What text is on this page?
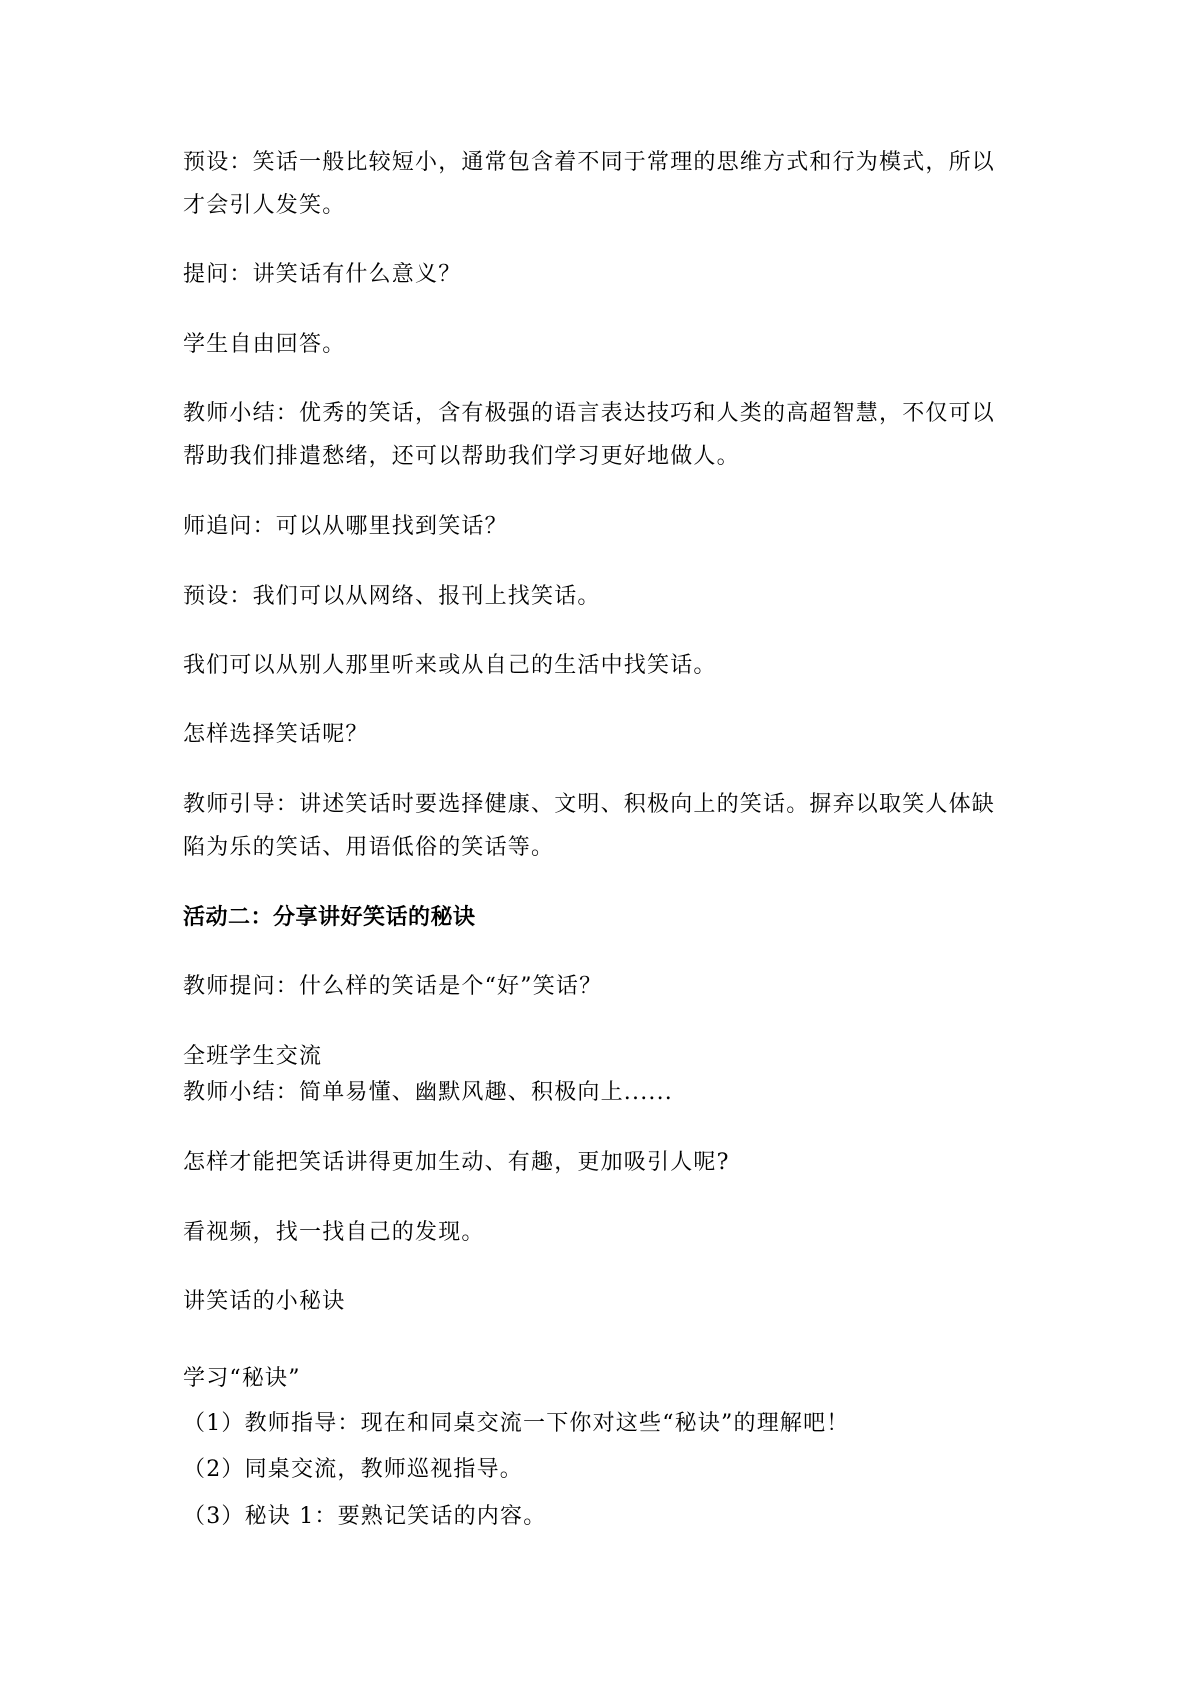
预设：笑话一般比较短小，通常包含着不同于常理的思维方式和行为模式，所以
才会引人发笑。
提问：讲笑话有什么意义？
学生自由回答。
教师小结：优秀的笑话，含有极强的语言表达技巧和人类的高超智慧，不仅可以
帮助我们排遣愁绪，还可以帮助我们学习更好地做人。
师追问：可以从哪里找到笑话？
预设：我们可以从网络、报刊上找笑话。
我们可以从别人那里听来或从自己的生活中找笑话。
怎样选择笑话呢？
教师引导：讲述笑话时要选择健康、文明、积极向上的笑话。摒弃以取笑人体缺
陷为乐的笑话、用语低俗的笑话等。
活动二：分享讲好笑话的秘诀
教师提问：什么样的笑话是个“好”笑话？
全班学生交流
教师小结：简单易懂、幽默风趣、积极向上......
怎样才能把笑话讲得更加生动、有趣，更加吸引人呢?
看视频，找一找自己的发现。
讲笑话的小秘诀
学习“秘诀”
（1）教师指导：现在和同桌交流一下你对这些“秘诀”的理解吧！
（2）同桌交流，教师巡视指导。
（3）秘诀 1：要熟记笑话的内容。
